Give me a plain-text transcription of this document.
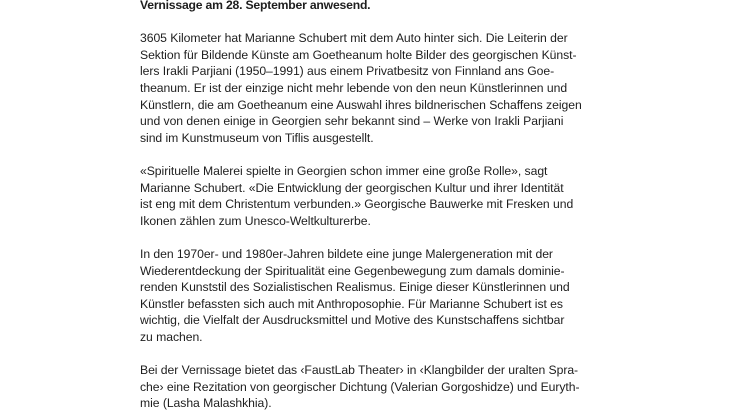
Vernissage am 28. September anwesend.

3605 Kilometer hat Marianne Schubert mit dem Auto hinter sich. Die Leiterin der
Sektion für Bildende Künste am Goetheanum holte Bilder des georgischen Künst-
lers Irakli Parjiani (1950–1991) aus einem Privatbesitz von Finnland ans Goe-
theanum. Er ist der einzige nicht mehr lebende von den neun Künstlerinnen und
Künstlern, die am Goetheanum eine Auswahl ihres bildnerischen Schaffens zeigen
und von denen einige in Georgien sehr bekannt sind – Werke von Irakli Parjiani
sind im Kunstmuseum von Tiflis ausgestellt.

«Spirituelle Malerei spielte in Georgien schon immer eine große Rolle», sagt
Marianne Schubert. «Die Entwicklung der georgischen Kultur und ihrer Identität
ist eng mit dem Christentum verbunden.» Georgische Bauwerke mit Fresken und
Ikonen zählen zum Unesco-Weltkulturerbe.

In den 1970er- und 1980er-Jahren bildete eine junge Malergeneration mit der
Wiederentdeckung der Spiritualität eine Gegenbewegung zum damals dominie-
renden Kunststil des Sozialistischen Realismus. Einige dieser Künstlerinnen und
Künstler befassten sich auch mit Anthroposophie. Für Marianne Schubert ist es
wichtig, die Vielfalt der Ausdrucksmittel und Motive des Kunstschaffens sichtbar
zu machen.

Bei der Vernissage bietet das ‹FaustLab Theater› in ‹Klangbilder der uralten Spra-
che› eine Rezitation von georgischer Dichtung (Valerian Gorgoshidze) und Euryth-
mie (Lasha Malashkhia).
